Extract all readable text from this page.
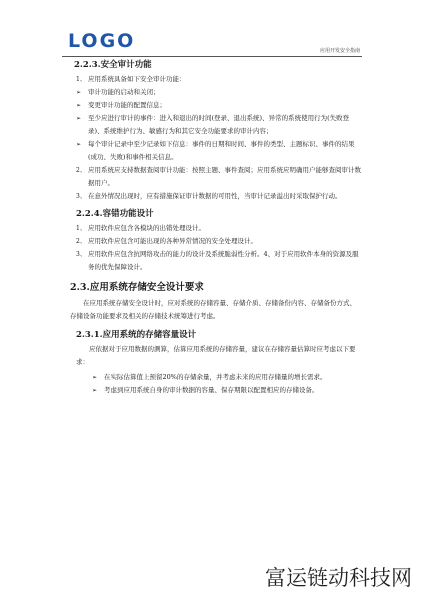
LOGO	应用开发安全指南
2.2.3.安全审计功能
1、 应用系统具备如下安全审计功能：
➢ 审计功能的启动和关闭；
➢ 变更审计功能的配置信息；
➢ 至少应进行审计的事件：进入和退出的时间(登录、退出系统)、异常的系统使用行为(失败登录)、系统维护行为、敏感行为和其它安全功能要求的审计内容；
➢ 每个审计记录中至少记录如下信息：事件的日期和时间、事件的类型、主题标识、事件的结果(成功、失败)和事件相关信息。
2、 应用系统应支持数据查阅审计功能：按照主题、事件查阅；应用系统应明确用户能够查阅审计数据用户。
3、 在意外情况出现时，应有措施保证审计数据的可用性，当审计记录溢出时采取保护行动。
2.2.4.容错功能设计
1、 应用软件应包含各模块的出错处理设计。
2、 应用软件应包含可能出现的各种异常情况的安全处理设计。
3、 应用软件应包含抗网络攻击的能力的设计及系统脆弱性分析。4、对于应用软件本身的资源及服务的优先保障设计。
2.3.应用系统存储安全设计要求
在应用系统存储安全设计时，应对系统的存储容量、存储介质、存储备份内容、存储备份方式、存储设备功能要求及相关的存储技术统筹进行考虑。
2.3.1.应用系统的存储容量设计
应依据对于应用数据的测算，估算应用系统的存储容量，建议在存储容量估算时应考虑以下要求：
➢ 在实际估算值上预留20%的存储余量，并考虑未来的应用存储量的增长需求。
➢ 考虑到应用系统自身的审计数据的容量、保存期限以配置相应的存储设备。
富运链动科技网
